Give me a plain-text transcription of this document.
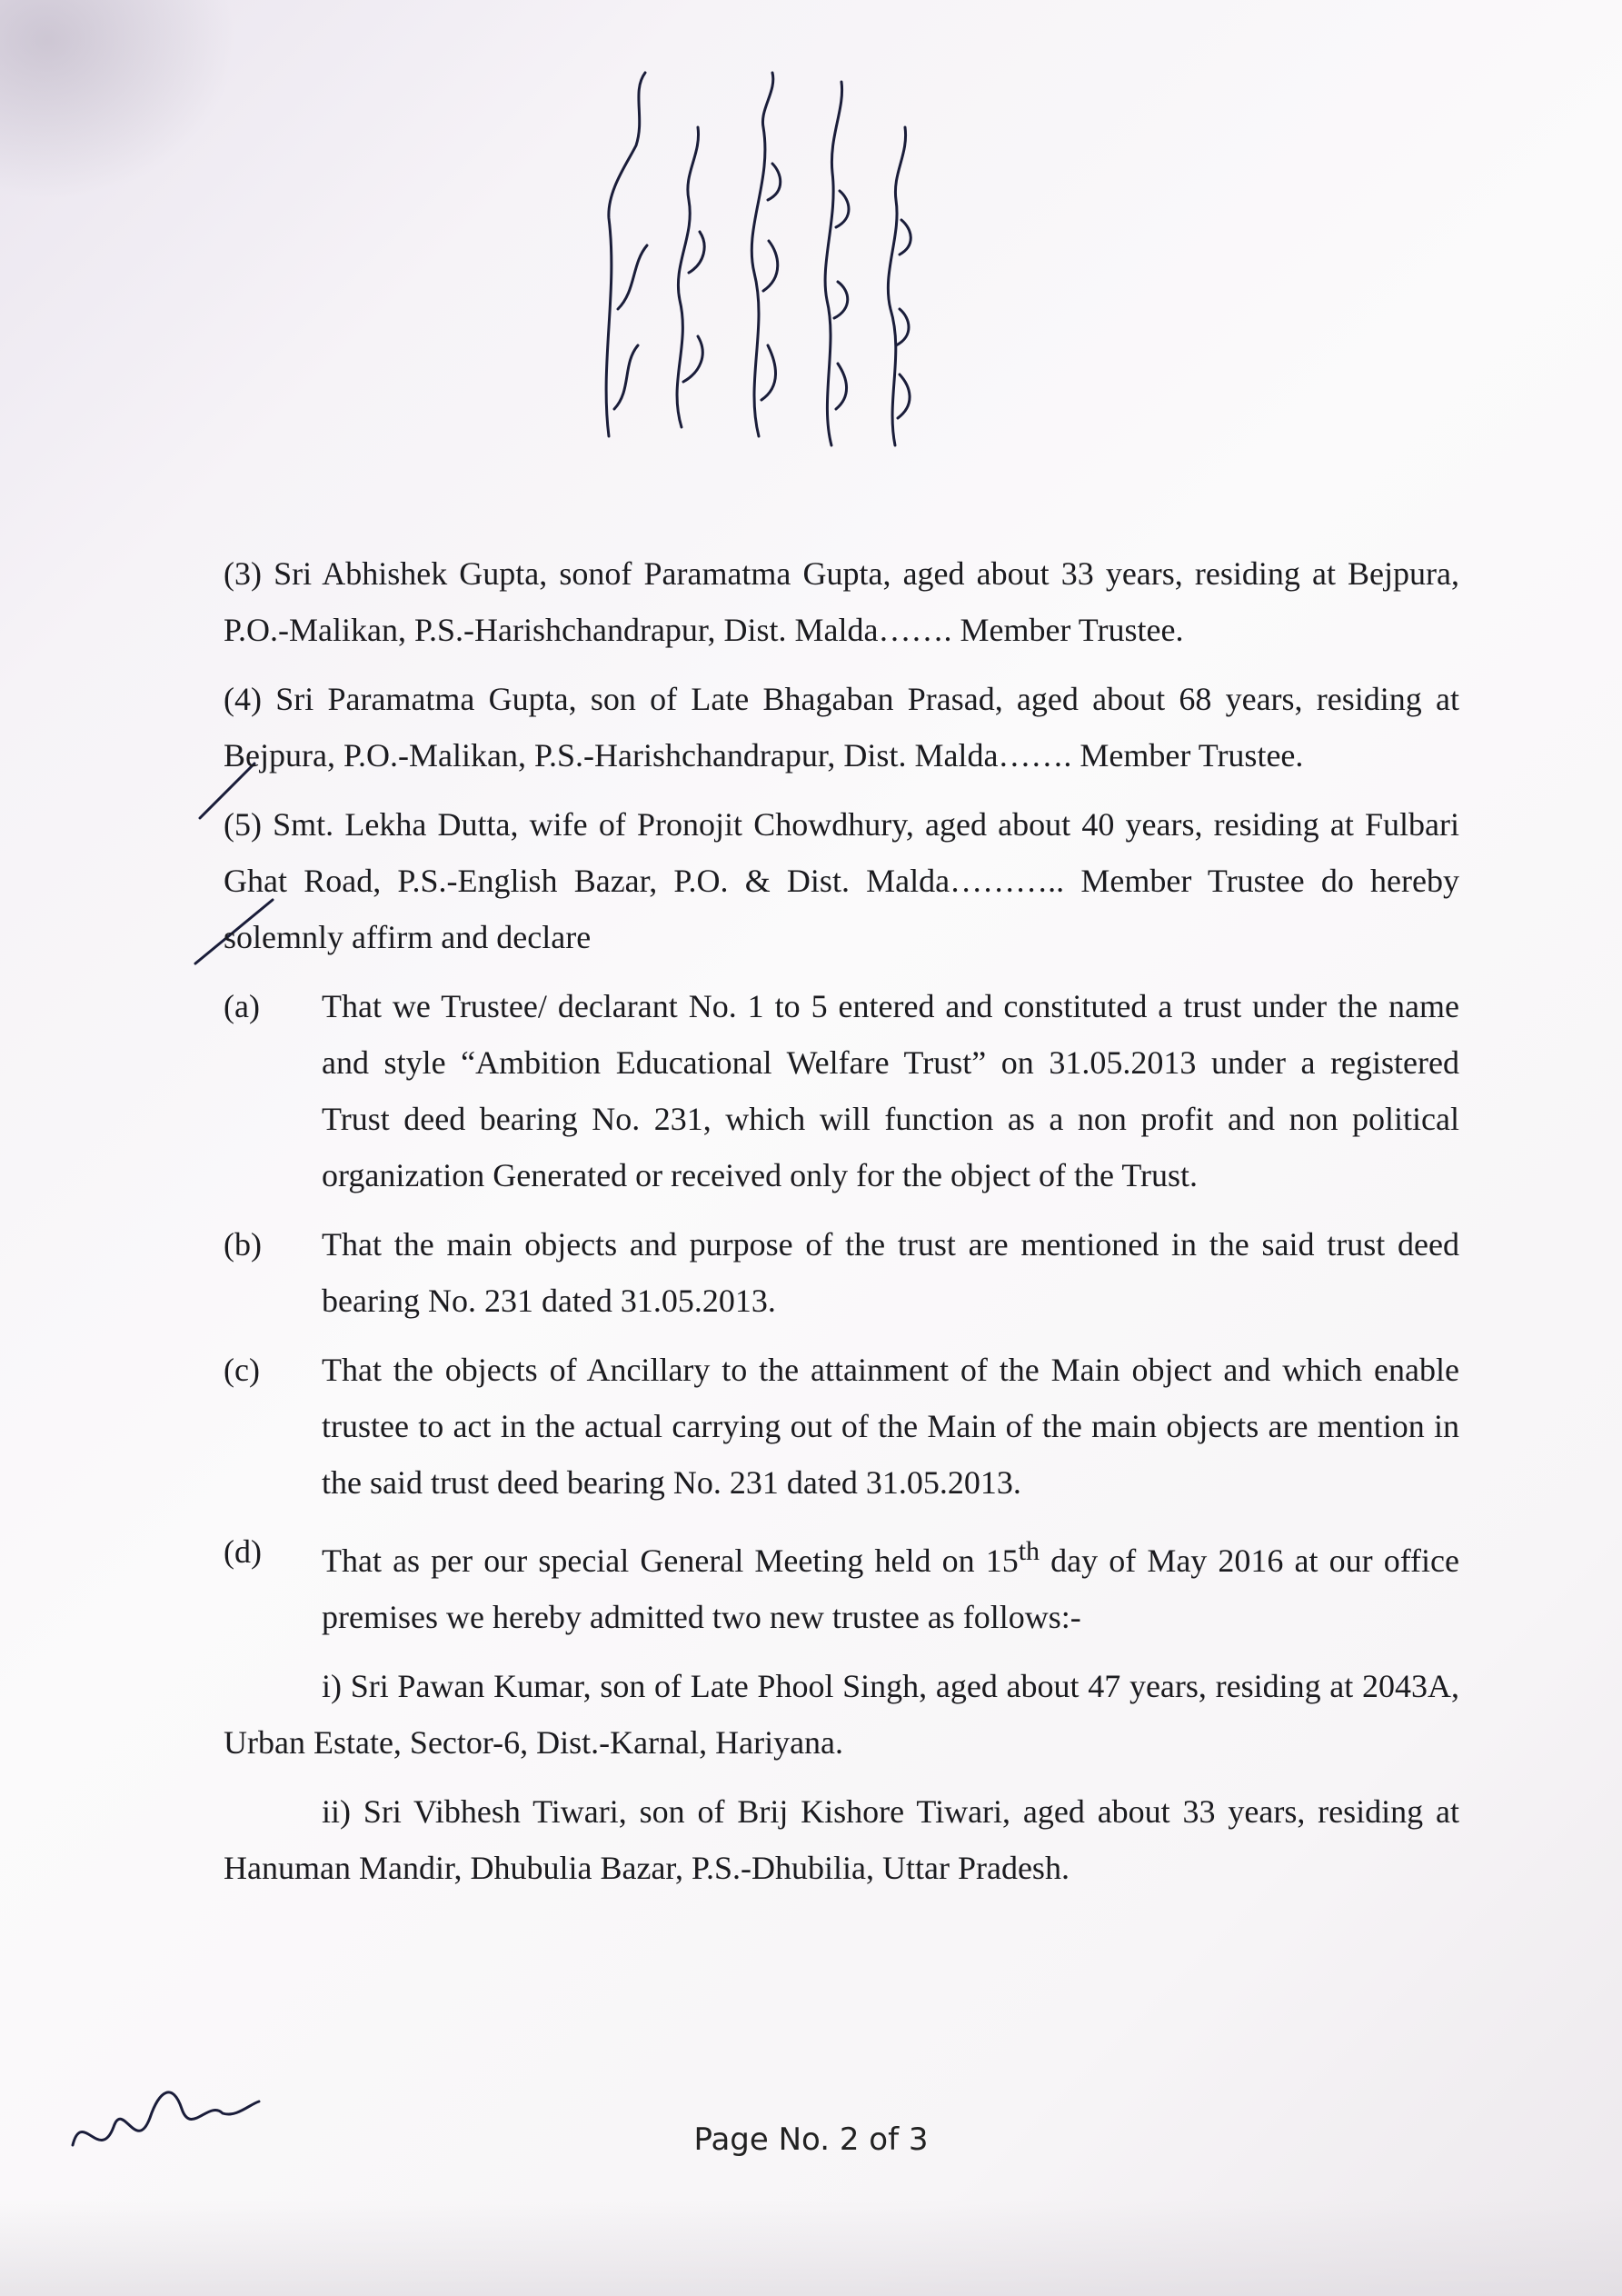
(3) Sri Abhishek Gupta, sonof Paramatma Gupta, aged about 33 years, residing at Bejpura, P.O.-Malikan, P.S.-Harishchandrapur, Dist. Malda……. Member Trustee.

(4) Sri Paramatma Gupta, son of Late Bhagaban Prasad, aged about 68 years, residing at Bejpura, P.O.-Malikan, P.S.-Harishchandrapur, Dist. Malda……. Member Trustee.

(5) Smt. Lekha Dutta, wife of Pronojit Chowdhury, aged about 40 years, residing at Fulbari Ghat Road, P.S.-English Bazar, P.O. & Dist. Malda……….. Member Trustee do hereby solemnly affirm and declare

(a)	That we Trustee/ declarant No. 1 to 5 entered and constituted a trust under the name and style “Ambition Educational Welfare Trust” on 31.05.2013 under a registered Trust deed bearing No. 231, which will function as a non profit and non political organization Generated or received only for the object of the Trust.
(b)	That the main objects and purpose of the trust are mentioned in the said trust deed bearing No. 231 dated 31.05.2013.
(c)	That the objects of Ancillary to the attainment of the Main object and which enable trustee to act in the actual carrying out of the Main of the main objects are mention in the said trust deed bearing No. 231 dated 31.05.2013.
(d)	That as per our special General Meeting held on 15th day of May 2016 at our office premises we hereby admitted two new trustee as follows:-

i) Sri Pawan Kumar, son of Late Phool Singh, aged about 47 years, residing at 2043A, Urban Estate, Sector-6, Dist.-Karnal, Hariyana.

ii) Sri Vibhesh Tiwari, son of Brij Kishore Tiwari, aged about 33 years, residing at Hanuman Mandir, Dhubulia Bazar, P.S.-Dhubilia, Uttar Pradesh.

Page No. 2 of 3
